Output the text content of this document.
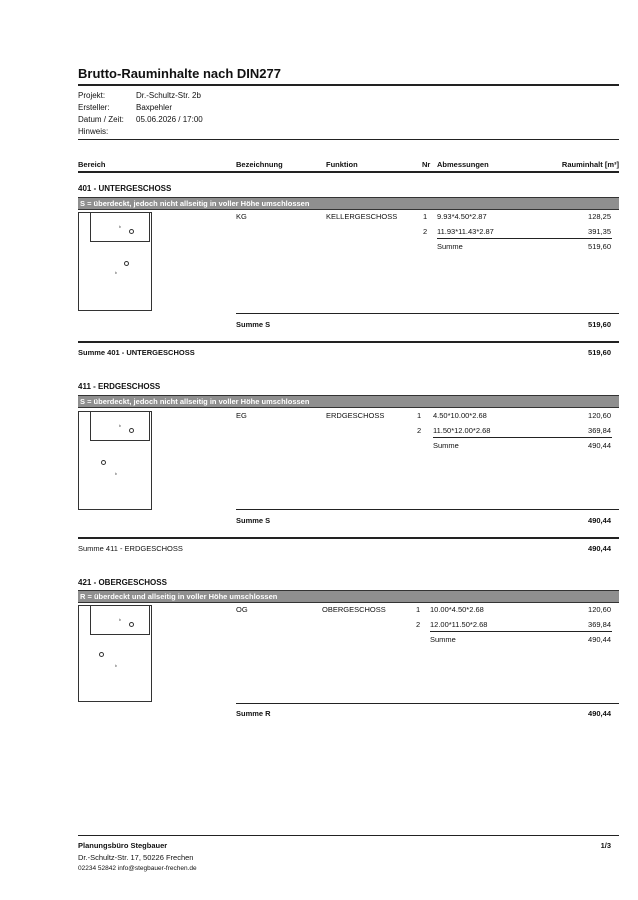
Brutto-Rauminhalte nach DIN277
Projekt:	Dr.-Schultz-Str. 2b
Ersteller:	Baxpehler
Datum / Zeit: 05.06.2026 / 17:00
Hinweis:
Bereich	Bezeichnung	Funktion	Nr Abmessungen	Rauminhalt [m³]
401 - UNTERGESCHOSS
S = überdeckt, jedoch nicht allseitig in voller Höhe umschlossen
ᵇ
ᵇ
KG	KELLERGESCHOSS	1 9.93*4.50*2.87	128,25
2 11.93*11.43*2.87	391,35
Summe	519,60
Summe S	519,60
Summe 401 - UNTERGESCHOSS	519,60
411 - ERDGESCHOSS
S = überdeckt, jedoch nicht allseitig in voller Höhe umschlossen
ᵇ
ᵇ
EG	ERDGESCHOSS	1 4.50*10.00*2.68	120,60
2 11.50*12.00*2.68	369,84
Summe	490,44
Summe S	490,44
Summe 411 - ERDGESCHOSS	490,44
421 - OBERGESCHOSS
R = überdeckt und allseitig in voller Höhe umschlossen
ᵇ
ᵇ
OG	OBERGESCHOSS	1 10.00*4.50*2.68	120,60
2 12.00*11.50*2.68	369,84
Summe	490,44
Summe R	490,44
Planungsbüro Stegbauer	1/3
Dr.-Schultz-Str. 17, 50226 Frechen
02234 52842 info@stegbauer-frechen.de
